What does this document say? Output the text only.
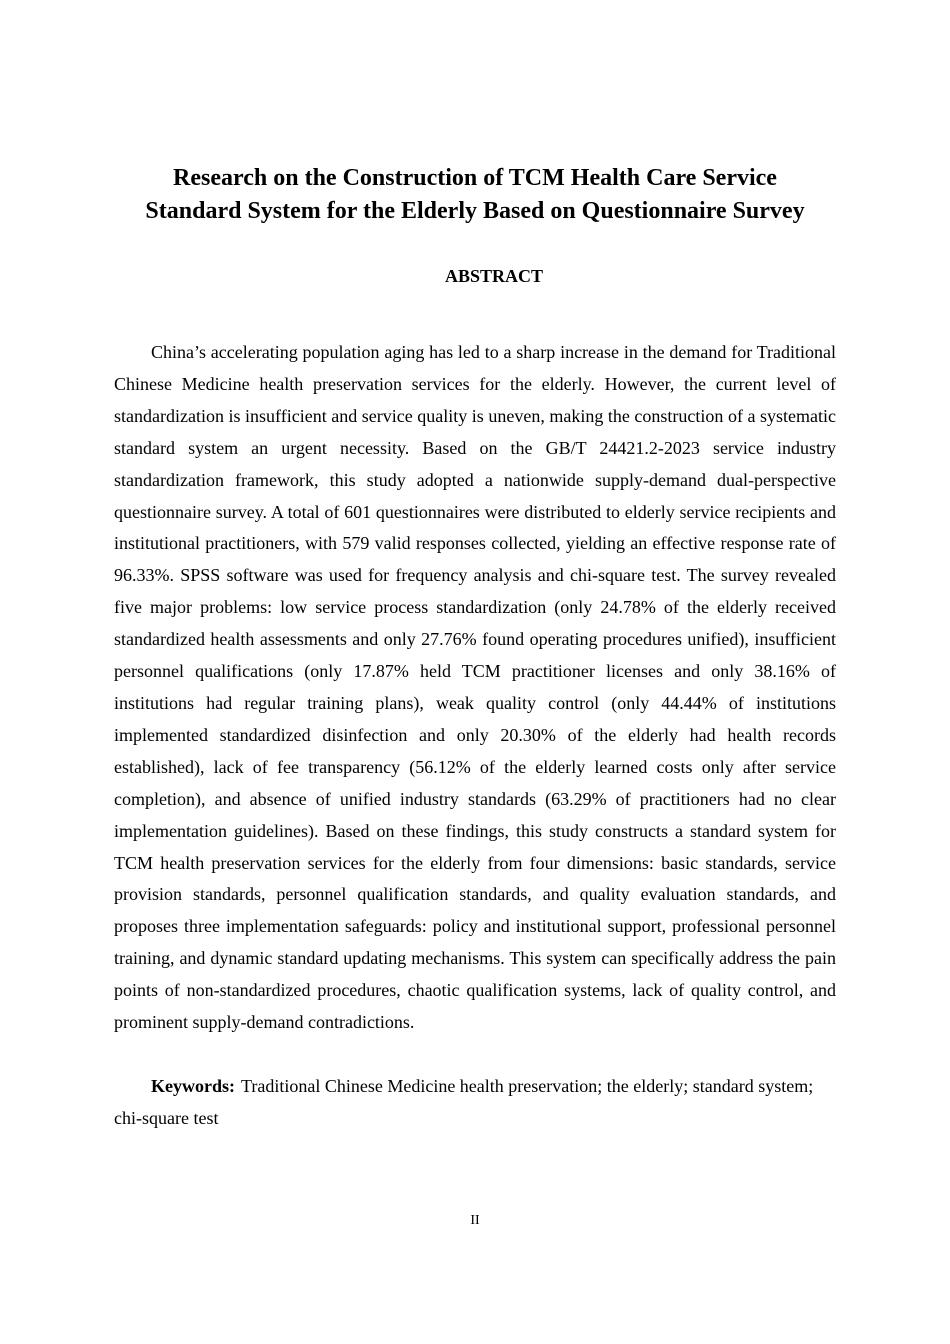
Research on the Construction of TCM Health Care Service
Standard System for the Elderly Based on Questionnaire Survey
ABSTRACT

China’s accelerating population aging has led to a sharp increase in the demand for Traditional Chinese Medicine health preservation services for the elderly. However, the current level of standardization is insufficient and service quality is uneven, making the construction of a systematic standard system an urgent necessity. Based on the GB/T 24421.2-2023 service industry standardization framework, this study adopted a nationwide supply-demand dual-perspective questionnaire survey. A total of 601 questionnaires were distributed to elderly service recipients and institutional practitioners, with 579 valid responses collected, yielding an effective response rate of 96.33%. SPSS software was used for frequency analysis and chi-square test. The survey revealed five major problems: low service process standardization (only 24.78% of the elderly received standardized health assessments and only 27.76% found operating procedures unified), insufficient personnel qualifications (only 17.87% held TCM practitioner licenses and only 38.16% of institutions had regular training plans), weak quality control (only 44.44% of institutions implemented standardized disinfection and only 20.30% of the elderly had health records established), lack of fee transparency (56.12% of the elderly learned costs only after service completion), and absence of unified industry standards (63.29% of practitioners had no clear implementation guidelines). Based on these findings, this study constructs a standard system for TCM health preservation services for the elderly from four dimensions: basic standards, service provision standards, personnel qualification standards, and quality evaluation standards, and proposes three implementation safeguards: policy and institutional support, professional personnel training, and dynamic standard updating mechanisms. This system can specifically address the pain points of non-standardized procedures, chaotic qualification systems, lack of quality control, and prominent supply-demand contradictions.

Keywords: Traditional Chinese Medicine health preservation; the elderly; standard system; chi-square test

II
